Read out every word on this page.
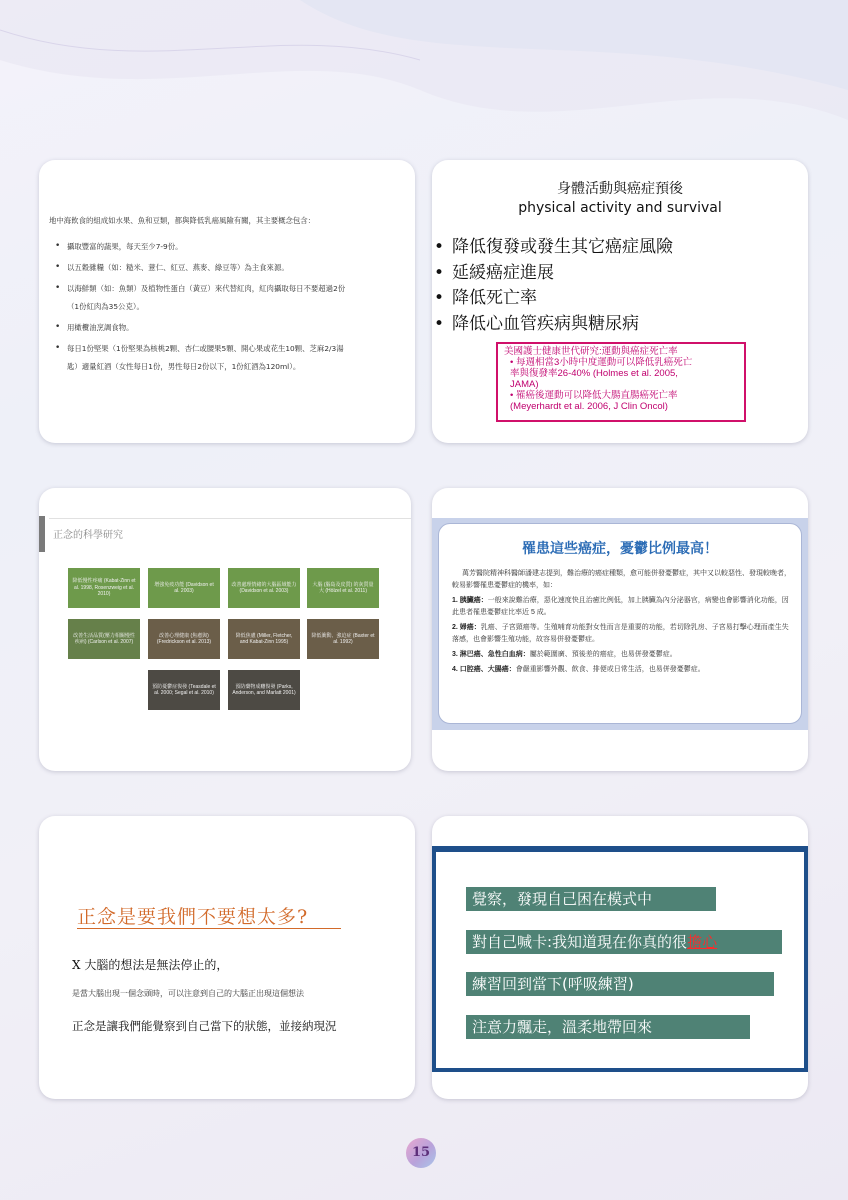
地中海飲食的組成如水果、魚和豆類，都與降低乳癌風險有關，其主要概念包含：
• 攝取豐富的蔬果，每天至少7-9份。
• 以五穀雜糧（如：糙米、薏仁、紅豆、燕麥、綠豆等）為主食來源。
• 以海鮮類（如：魚類）及植物性蛋白（黃豆）來代替紅肉，紅肉攝取每日不要超過2份
（1份紅肉為35公克）。
• 用橄欖油烹調食物。
• 每日1份堅果（1份堅果為核桃2顆、杏仁或腰果5顆、開心果或花生10顆、芝麻2/3湯
匙）適量紅酒（女性每日1份，男性每日2份以下，1份紅酒為120ml）。
身體活動與癌症預後
physical activity and survival
• 降低復發或發生其它癌症風險
• 延緩癌症進展
• 降低死亡率
• 降低心血管疾病與糖尿病
美國護士健康世代研究:運動與癌症死亡率
• 每週相當3小時中度運動可以降低乳癌死亡
率與復發率26-40% (Holmes et al. 2005,
JAMA)
• 罹癌後運動可以降低大腸直腸癌死亡率
(Meyerhardt et al. 2006, J Clin Oncol)
正念的科學研究
降低慢性疼痛 (Kabat-Zinn et al. 1998, Rosenzweig et al. 2010)
增強免疫功能 (Davidson et al. 2003)
改善處理情緒的大腦區域能力 (Davidson et al. 2003)
大腦 (腦島及皮質) 的灰質量大 (Hölzel et al. 2011)
改善生活品質(壓力相關慢性疾病) (Carlson et al. 2007)
改善心理健康 (焦慮與) (Fredrickson et al. 2013)
降低焦慮 (Miller, Fletcher, and Kabat-Zinn 1995)
降低衝動、強迫症 (Baxter et al. 1992)
預防憂鬱症復發 (Teasdale et al. 2000; Segal et al. 2010)
預防藥物成癮復發 (Parks, Anderson, and Marlatt 2001)
罹患這些癌症，憂鬱比例最高！

萬芳醫院精神科醫師潘建志提到，難治療的癌症種類，愈可能併發憂鬱症，其中又以較惡性、發現較晚者，較易影響罹患憂鬱症的機率，如：

1. 胰臟癌：一般來說難治療，惡化速度快且治癒比例低，加上胰臟為內分泌器官，病變也會影響消化功能，因此患者罹患憂鬱症比率近 5 成。

2. 婦癌：乳癌、子宮頸癌等。生殖哺育功能對女性而言是重要的功能，若切除乳房、子宮易打擊心理而產生失落感，也會影響生殖功能，故容易併發憂鬱症。

3. 淋巴癌、急性白血病：屬於範圍廣、預後差的癌症，也易併發憂鬱症。

4. 口腔癌、大腸癌：會嚴重影響外觀、飲食、排便或日常生活，也易併發憂鬱症。

正念是要我們不要想太多?
X 大腦的想法是無法停止的，
是當大腦出現一個念頭時，可以注意到自己的大腦正出現這個想法
正念是讓我們能覺察到自己當下的狀態，並接納現況
覺察，發現自己困在模式中
對自己喊卡:我知道現在你真的很擔心
練習回到當下(呼吸練習)
注意力飄走，溫柔地帶回來
15
